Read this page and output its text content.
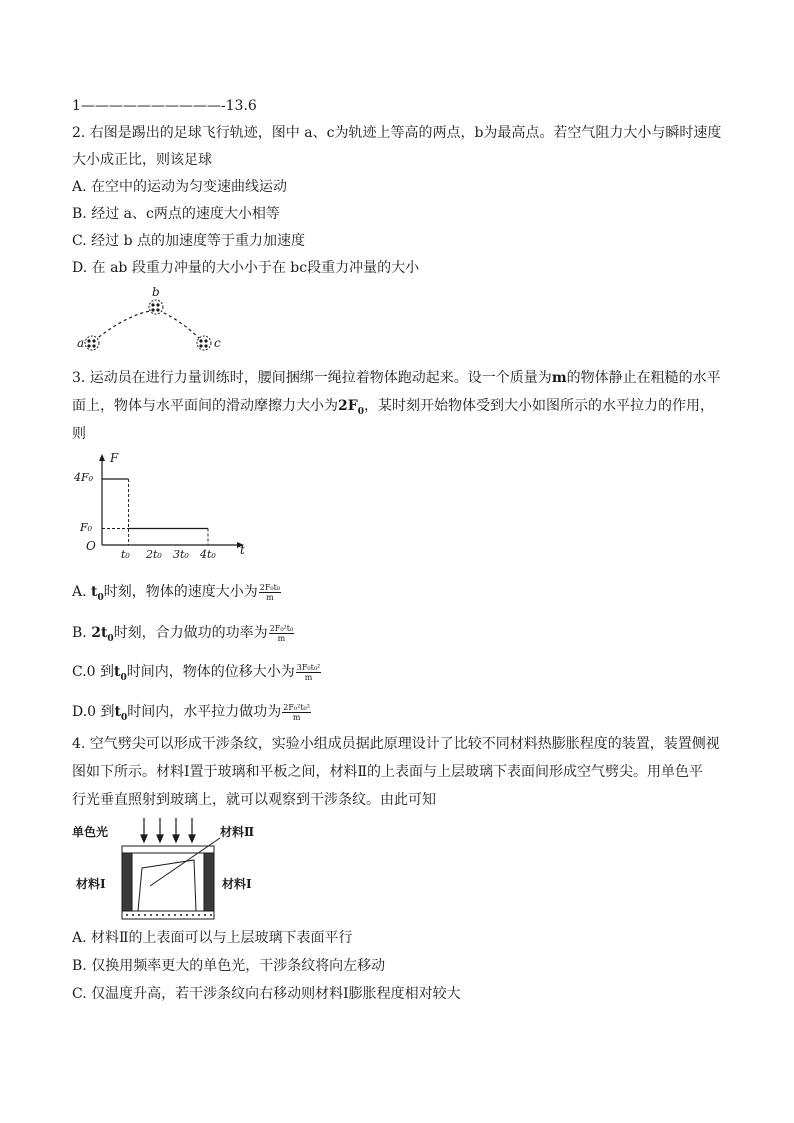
1——————————-13.6
2. 右图是踢出的足球飞行轨迹，图中 a、c为轨迹上等高的两点，b为最高点。若空气阻力大小与瞬时速度
大小成正比，则该足球
A. 在空中的运动为匀变速曲线运动
B. 经过 a、c两点的速度大小相等
C. 经过 b 点的加速度等于重力加速度
D. 在 ab 段重力冲量的大小小于在 bc段重力冲量的大小
a
b
c
3. 运动员在进行力量训练时，腰间捆绑一绳拉着物体跑动起来。设一个质量为m的物体静止在粗糙的水平
面上，物体与水平面间的滑动摩擦力大小为$2F_0$，某时刻开始物体受到大小如图所示的水平拉力的作用，
则
F
t
O
4F₀
F₀
t₀ 2t₀ 3t₀ 4t₀
A. $t_0$时刻，物体的速度大小为 $\frac{\text{2F₀t₀}}{m}$
B. $2t_0$时刻，合力做功的功率为 $\frac{\text{2F₀²t₀}}{m}$
C.0 到$t_0$时间内，物体的位移大小为 $\frac{\text{3F₀t₀²}}{m}$
D.0 到$t_0$时间内，水平拉力做功为 $\frac{\text{2F₀²t₀²}}{m}$
4. 空气劈尖可以形成干涉条纹，实验小组成员据此原理设计了比较不同材料热膨胀程度的装置，装置侧视
图如下所示。材料Ⅰ置于玻璃和平板之间，材料Ⅱ的上表面与上层玻璃下表面间形成空气劈尖。用单色平
行光垂直照射到玻璃上，就可以观察到干涉条纹。由此可知
单色光	材料Ⅱ
材料Ⅰ	材料Ⅰ
A. 材料Ⅱ的上表面可以与上层玻璃下表面平行
B. 仅换用频率更大的单色光，干涉条纹将向左移动
C. 仅温度升高，若干涉条纹向右移动则材料Ⅰ膨胀程度相对较大
